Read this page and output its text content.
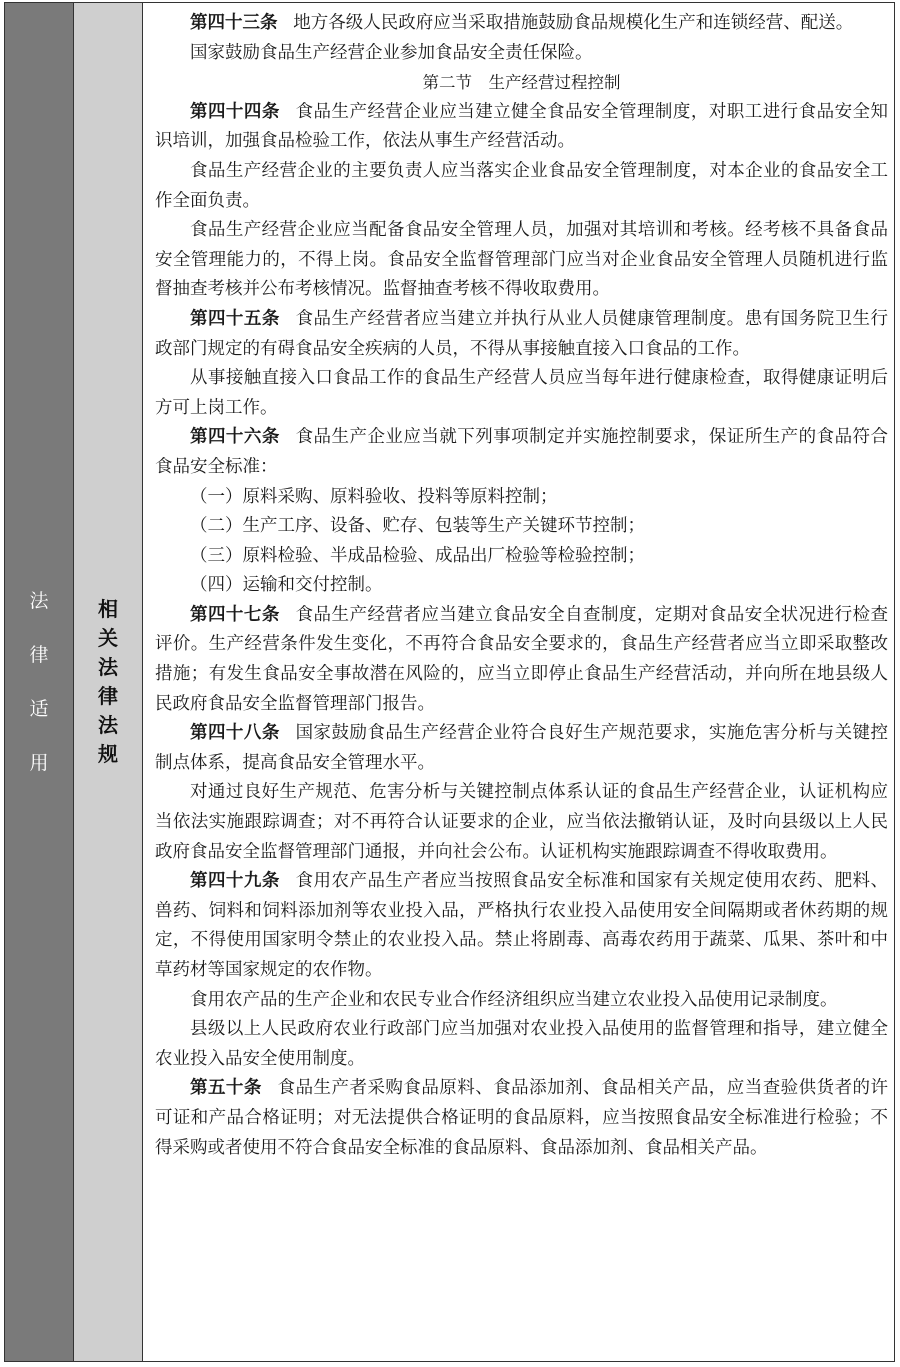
法律适用
相关法律法规

第四十三条 地方各级人民政府应当采取措施鼓励食品规模化生产和连锁经营、配送。

国家鼓励食品生产经营企业参加食品安全责任保险。

第二节　生产经营过程控制

第四十四条 食品生产经营企业应当建立健全食品安全管理制度，对职工进行食品安全知识培训，加强食品检验工作，依法从事生产经营活动。

食品生产经营企业的主要负责人应当落实企业食品安全管理制度，对本企业的食品安全工作全面负责。

食品生产经营企业应当配备食品安全管理人员，加强对其培训和考核。经考核不具备食品安全管理能力的，不得上岗。食品安全监督管理部门应当对企业食品安全管理人员随机进行监督抽查考核并公布考核情况。监督抽查考核不得收取费用。

第四十五条 食品生产经营者应当建立并执行从业人员健康管理制度。患有国务院卫生行政部门规定的有碍食品安全疾病的人员，不得从事接触直接入口食品的工作。

从事接触直接入口食品工作的食品生产经营人员应当每年进行健康检查，取得健康证明后方可上岗工作。

第四十六条 食品生产企业应当就下列事项制定并实施控制要求，保证所生产的食品符合食品安全标准：

（一）原料采购、原料验收、投料等原料控制；

（二）生产工序、设备、贮存、包装等生产关键环节控制；

（三）原料检验、半成品检验、成品出厂检验等检验控制；

（四）运输和交付控制。

第四十七条 食品生产经营者应当建立食品安全自查制度，定期对食品安全状况进行检查评价。生产经营条件发生变化，不再符合食品安全要求的，食品生产经营者应当立即采取整改措施；有发生食品安全事故潜在风险的，应当立即停止食品生产经营活动，并向所在地县级人民政府食品安全监督管理部门报告。

第四十八条 国家鼓励食品生产经营企业符合良好生产规范要求，实施危害分析与关键控制点体系，提高食品安全管理水平。

对通过良好生产规范、危害分析与关键控制点体系认证的食品生产经营企业，认证机构应当依法实施跟踪调查；对不再符合认证要求的企业，应当依法撤销认证，及时向县级以上人民政府食品安全监督管理部门通报，并向社会公布。认证机构实施跟踪调查不得收取费用。

第四十九条 食用农产品生产者应当按照食品安全标准和国家有关规定使用农药、肥料、兽药、饲料和饲料添加剂等农业投入品，严格执行农业投入品使用安全间隔期或者休药期的规定，不得使用国家明令禁止的农业投入品。禁止将剧毒、高毒农药用于蔬菜、瓜果、茶叶和中草药材等国家规定的农作物。

食用农产品的生产企业和农民专业合作经济组织应当建立农业投入品使用记录制度。

县级以上人民政府农业行政部门应当加强对农业投入品使用的监督管理和指导，建立健全农业投入品安全使用制度。

第五十条 食品生产者采购食品原料、食品添加剂、食品相关产品，应当查验供货者的许可证和产品合格证明；对无法提供合格证明的食品原料，应当按照食品安全标准进行检验；不得采购或者使用不符合食品安全标准的食品原料、食品添加剂、食品相关产品。
